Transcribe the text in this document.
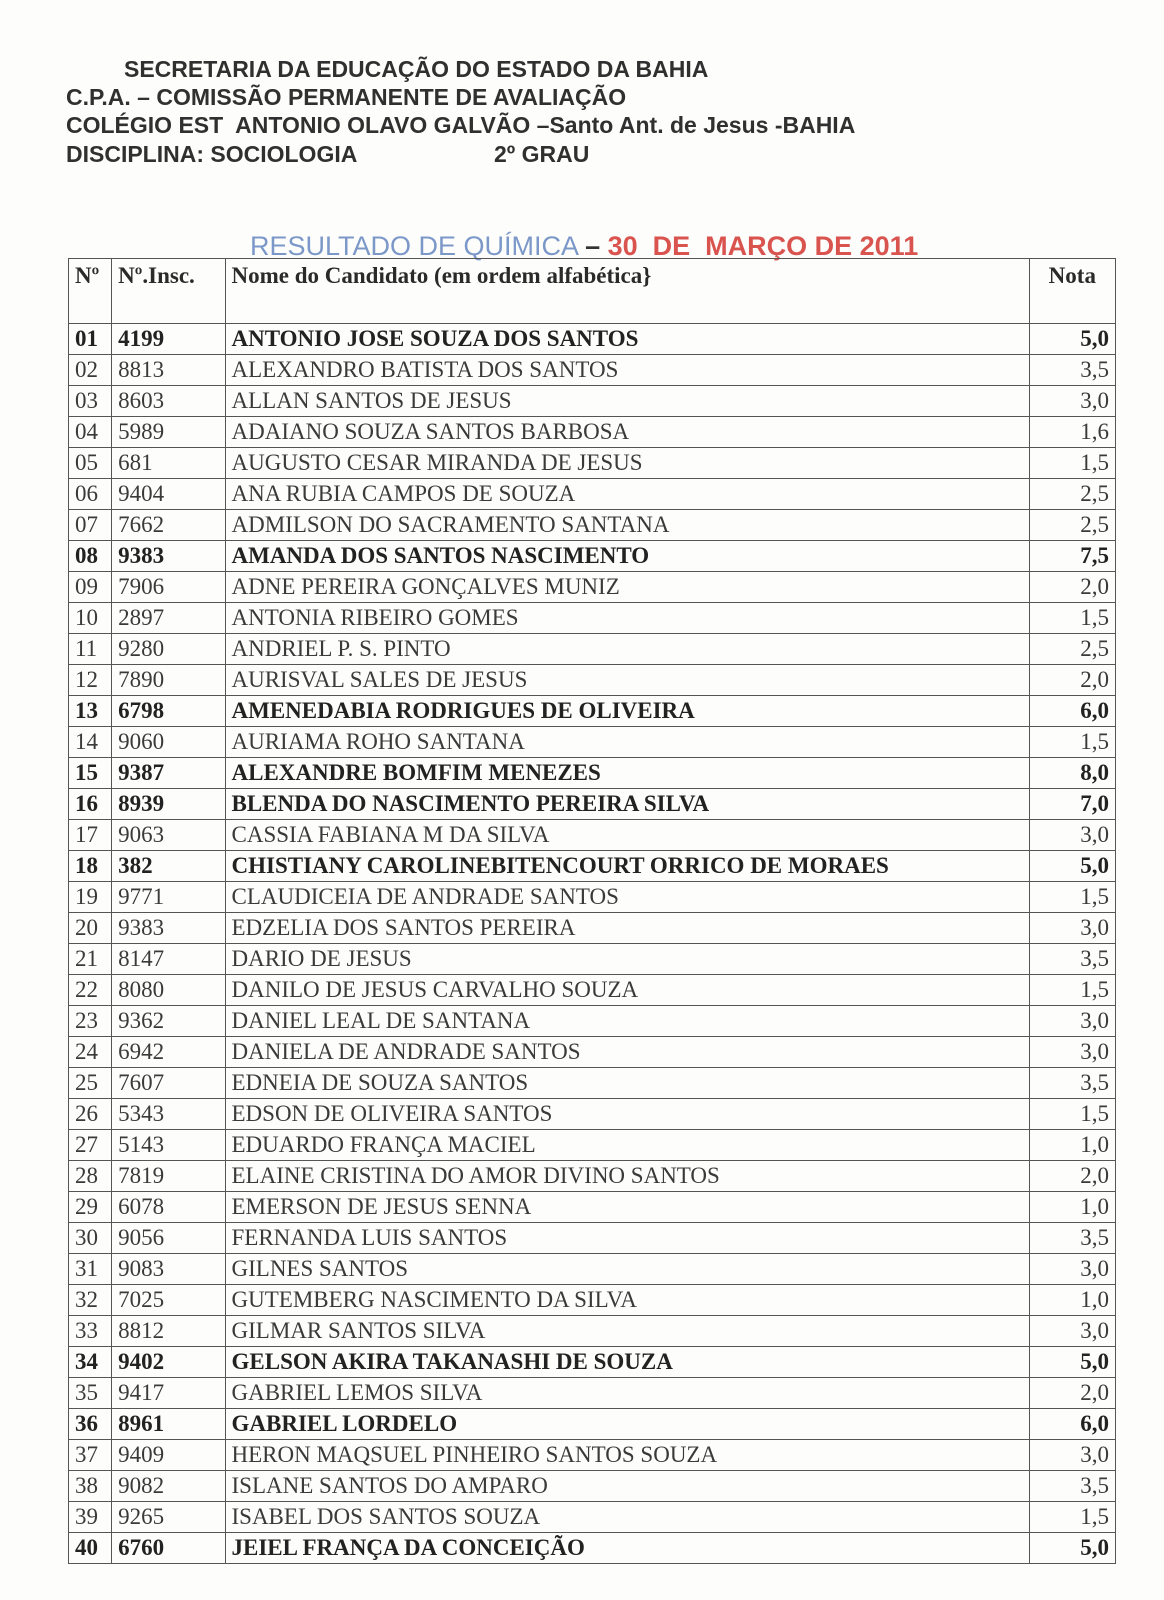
SECRETARIA DA EDUCAÇÃO DO ESTADO DA BAHIA
C.P.A. – COMISSÃO PERMANENTE DE AVALIAÇÃO
COLÉGIO EST  ANTONIO OLAVO GALVÃO –Santo Ant. de Jesus -BAHIA
DISCIPLINA: SOCIOLOGIA	2º GRAU

RESULTADO DE QUÍMICA – 30  DE  MARÇO DE 2011

Nº	Nº.Insc.	Nome do Candidato (em ordem alfabética}	Nota
01	4199	ANTONIO JOSE SOUZA DOS SANTOS	5,0
02	8813	ALEXANDRO BATISTA DOS SANTOS	3,5
03	8603	ALLAN SANTOS DE JESUS	3,0
04	5989	ADAIANO SOUZA SANTOS BARBOSA	1,6
05	681	AUGUSTO CESAR MIRANDA DE JESUS	1,5
06	9404	ANA RUBIA CAMPOS DE SOUZA	2,5
07	7662	ADMILSON DO SACRAMENTO SANTANA	2,5
08	9383	AMANDA DOS SANTOS NASCIMENTO	7,5
09	7906	ADNE PEREIRA GONÇALVES MUNIZ	2,0
10	2897	ANTONIA RIBEIRO GOMES	1,5
11	9280	ANDRIEL P. S. PINTO	2,5
12	7890	AURISVAL SALES DE JESUS	2,0
13	6798	AMENEDABIA RODRIGUES DE OLIVEIRA	6,0
14	9060	AURIAMA ROHO SANTANA	1,5
15	9387	ALEXANDRE BOMFIM MENEZES	8,0
16	8939	BLENDA DO NASCIMENTO PEREIRA SILVA	7,0
17	9063	CASSIA FABIANA M DA SILVA	3,0
18	382	CHISTIANY CAROLINEBITENCOURT ORRICO DE MORAES	5,0
19	9771	CLAUDICEIA DE ANDRADE SANTOS	1,5
20	9383	EDZELIA DOS SANTOS PEREIRA	3,0
21	8147	DARIO DE JESUS	3,5
22	8080	DANILO DE JESUS CARVALHO SOUZA	1,5
23	9362	DANIEL LEAL DE SANTANA	3,0
24	6942	DANIELA DE ANDRADE SANTOS	3,0
25	7607	EDNEIA DE SOUZA SANTOS	3,5
26	5343	EDSON DE OLIVEIRA SANTOS	1,5
27	5143	EDUARDO FRANÇA MACIEL	1,0
28	7819	ELAINE CRISTINA DO AMOR DIVINO SANTOS	2,0
29	6078	EMERSON DE JESUS SENNA	1,0
30	9056	FERNANDA LUIS SANTOS	3,5
31	9083	GILNES SANTOS	3,0
32	7025	GUTEMBERG NASCIMENTO DA SILVA	1,0
33	8812	GILMAR SANTOS SILVA	3,0
34	9402	GELSON AKIRA TAKANASHI DE SOUZA	5,0
35	9417	GABRIEL LEMOS SILVA	2,0
36	8961	GABRIEL LORDELO	6,0
37	9409	HERON MAQSUEL PINHEIRO SANTOS SOUZA	3,0
38	9082	ISLANE SANTOS DO AMPARO	3,5
39	9265	ISABEL DOS SANTOS SOUZA	1,5
40	6760	JEIEL FRANÇA DA CONCEIÇÃO	5,0
